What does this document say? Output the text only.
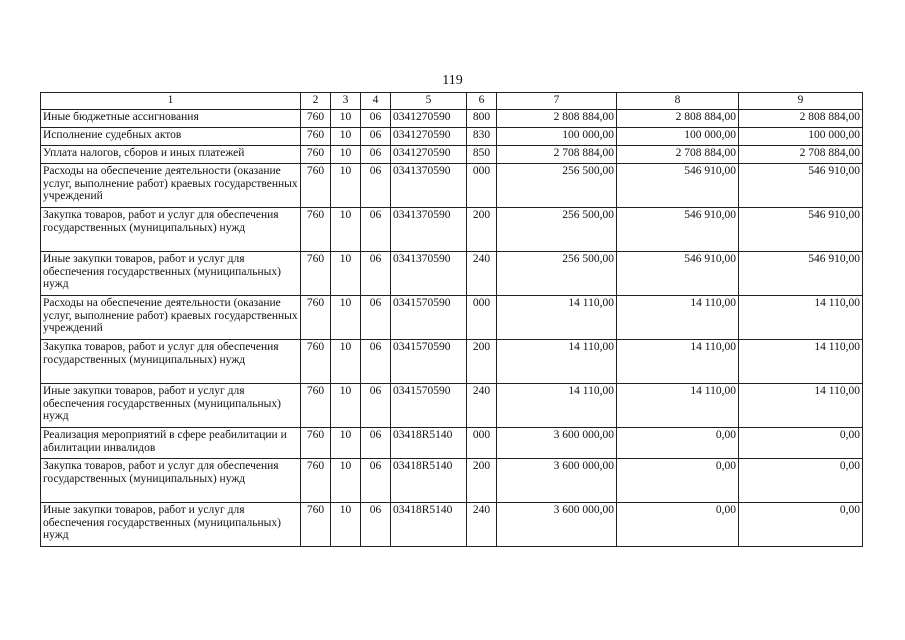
119
1	2	3	4	5	6	7	8	9
Иные бюджетные ассигнования	760	10	06	0341270590	800	2 808 884,00	2 808 884,00	2 808 884,00
Исполнение судебных актов	760	10	06	0341270590	830	100 000,00	100 000,00	100 000,00
Уплата налогов, сборов и иных платежей	760	10	06	0341270590	850	2 708 884,00	2 708 884,00	2 708 884,00
Расходы на обеспечение деятельности (оказание услуг, выполнение работ) краевых государственных учреждений	760	10	06	0341370590	000	256 500,00	546 910,00	546 910,00
Закупка товаров, работ и услуг для обеспечения государственных (муниципальных) нужд	760	10	06	0341370590	200	256 500,00	546 910,00	546 910,00
Иные закупки товаров, работ и услуг для обеспечения государственных (муниципальных) нужд	760	10	06	0341370590	240	256 500,00	546 910,00	546 910,00
Расходы на обеспечение деятельности (оказание услуг, выполнение работ) краевых государственных учреждений	760	10	06	0341570590	000	14 110,00	14 110,00	14 110,00
Закупка товаров, работ и услуг для обеспечения государственных (муниципальных) нужд	760	10	06	0341570590	200	14 110,00	14 110,00	14 110,00
Иные закупки товаров, работ и услуг для обеспечения государственных (муниципальных) нужд	760	10	06	0341570590	240	14 110,00	14 110,00	14 110,00
Реализация мероприятий в сфере реабилитации и абилитации инвалидов	760	10	06	03418R5140	000	3 600 000,00	0,00	0,00
Закупка товаров, работ и услуг для обеспечения государственных (муниципальных) нужд	760	10	06	03418R5140	200	3 600 000,00	0,00	0,00
Иные закупки товаров, работ и услуг для обеспечения государственных (муниципальных) нужд	760	10	06	03418R5140	240	3 600 000,00	0,00	0,00
